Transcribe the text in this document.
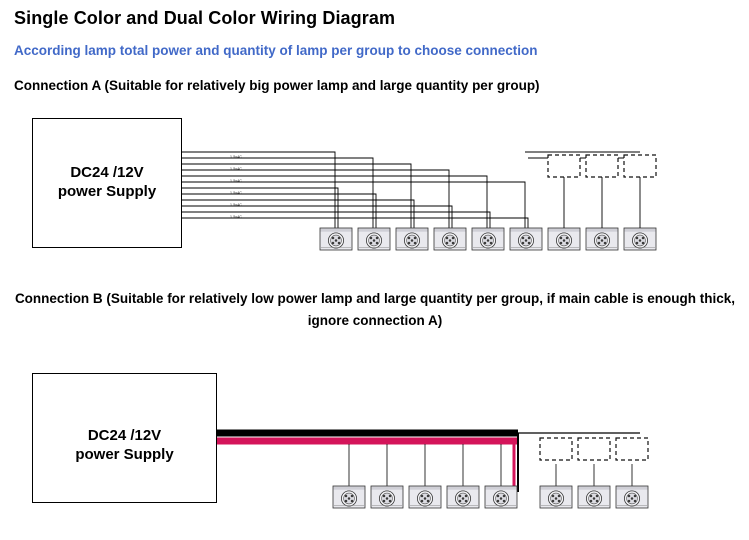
Single Color and Dual Color Wiring Diagram
According lamp total power and quantity of lamp per group to choose connection
Connection A (Suitable for relatively big power lamp and large quantity per group)
DC24 /12V
power Supply
Connection B (Suitable for relatively low power lamp and large quantity per group, if main cable is enough thick, ignore connection A)
DC24 /12V
power Supply
1.5x4C
1.5x4C
1.5x4C
1.5x4C
1.5x4C
1.5x4C
